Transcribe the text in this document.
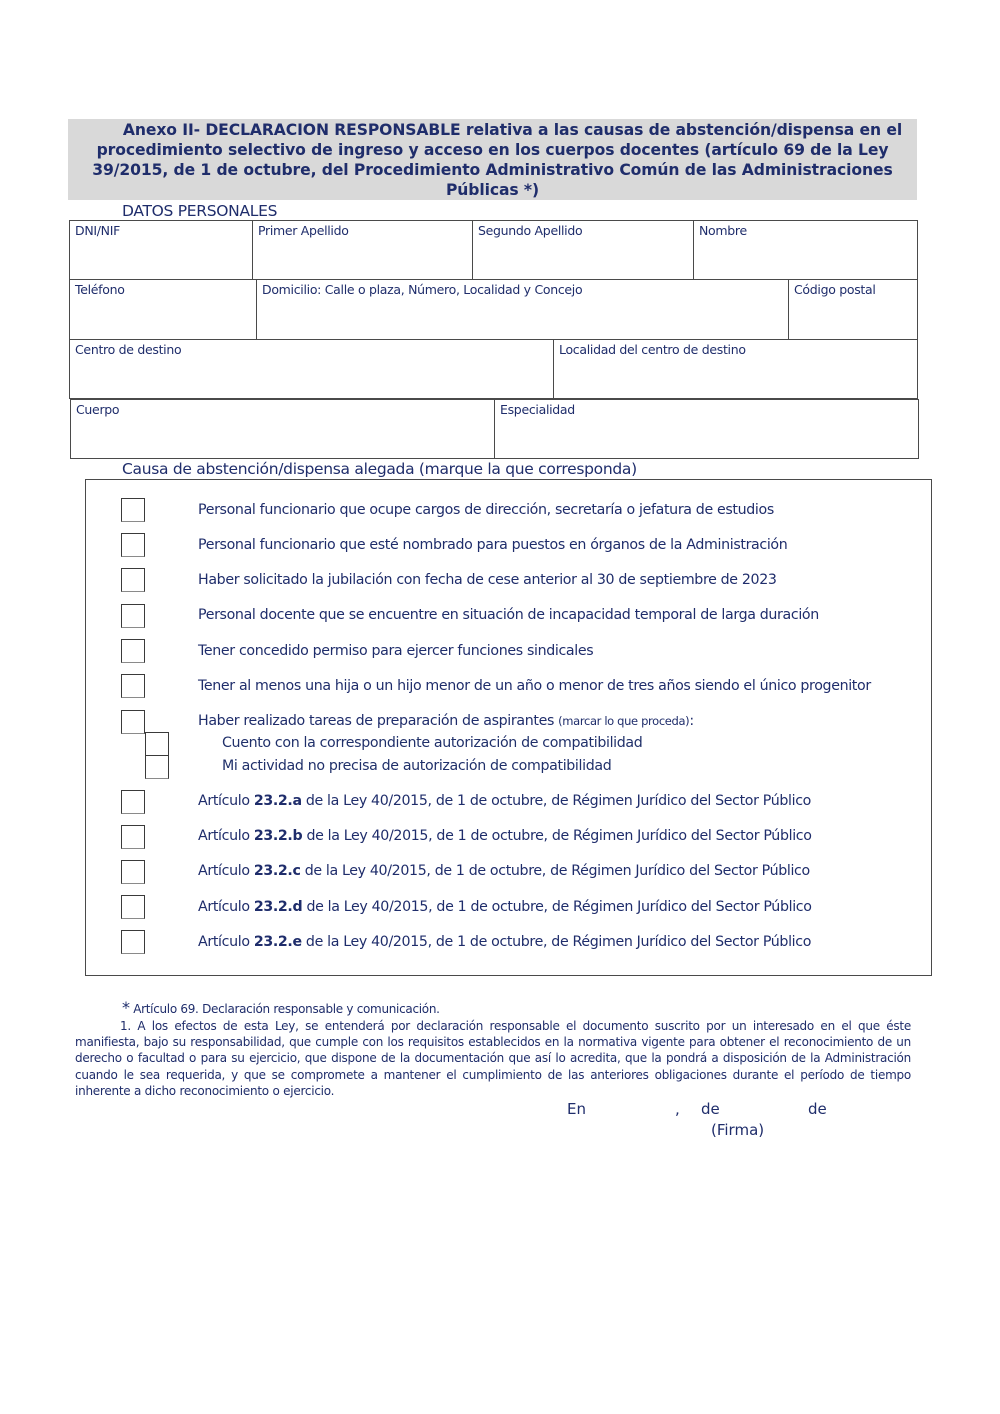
Anexo II- DECLARACION RESPONSABLE relativa a las causas de abstención/dispensa en el
procedimiento selectivo de ingreso y acceso en los cuerpos docentes (artículo 69 de la Ley
39/2015, de 1 de octubre, del Procedimiento Administrativo Común de las Administraciones
Públicas *)
DATOS PERSONALES
DNI/NIF	Primer Apellido	Segundo Apellido	Nombre
Teléfono	Domicilio: Calle o plaza, Número, Localidad y Concejo	Código postal
Centro de destino	Localidad del centro de destino
Cuerpo	Especialidad
Causa de abstención/dispensa alegada (marque la que corresponda)
Personal funcionario que ocupe cargos de dirección, secretaría o jefatura de estudios
Personal funcionario que esté nombrado para puestos en órganos de la Administración
Haber solicitado la jubilación con fecha de cese anterior al 30 de septiembre de 2023
Personal docente que se encuentre en situación de incapacidad temporal de larga duración
Tener concedido permiso para ejercer funciones sindicales
Tener al menos una hija o un hijo menor de un año o menor de tres años siendo el único progenitor
Haber realizado tareas de preparación de aspirantes (marcar lo que proceda):
Cuento con la correspondiente autorización de compatibilidad
Mi actividad no precisa de autorización de compatibilidad
Artículo 23.2.a de la Ley 40/2015, de 1 de octubre, de Régimen Jurídico del Sector Público
Artículo 23.2.b de la Ley 40/2015, de 1 de octubre, de Régimen Jurídico del Sector Público
Artículo 23.2.c de la Ley 40/2015, de 1 de octubre, de Régimen Jurídico del Sector Público
Artículo 23.2.d de la Ley 40/2015, de 1 de octubre, de Régimen Jurídico del Sector Público
Artículo 23.2.e de la Ley 40/2015, de 1 de octubre, de Régimen Jurídico del Sector Público
* Artículo 69. Declaración responsable y comunicación.
1. A los efectos de esta Ley, se entenderá por declaración responsable el documento suscrito por un interesado en el que éste manifiesta, bajo su responsabilidad, que cumple con los requisitos establecidos en la normativa vigente para obtener el reconocimiento de un derecho o facultad o para su ejercicio, que dispone de la documentación que así lo acredita, que la pondrá a disposición de la Administración cuando le sea requerida, y que se compromete a mantener el cumplimiento de las anteriores obligaciones durante el período de tiempo inherente a dicho reconocimiento o ejercicio.
En	, de	de
(Firma)
